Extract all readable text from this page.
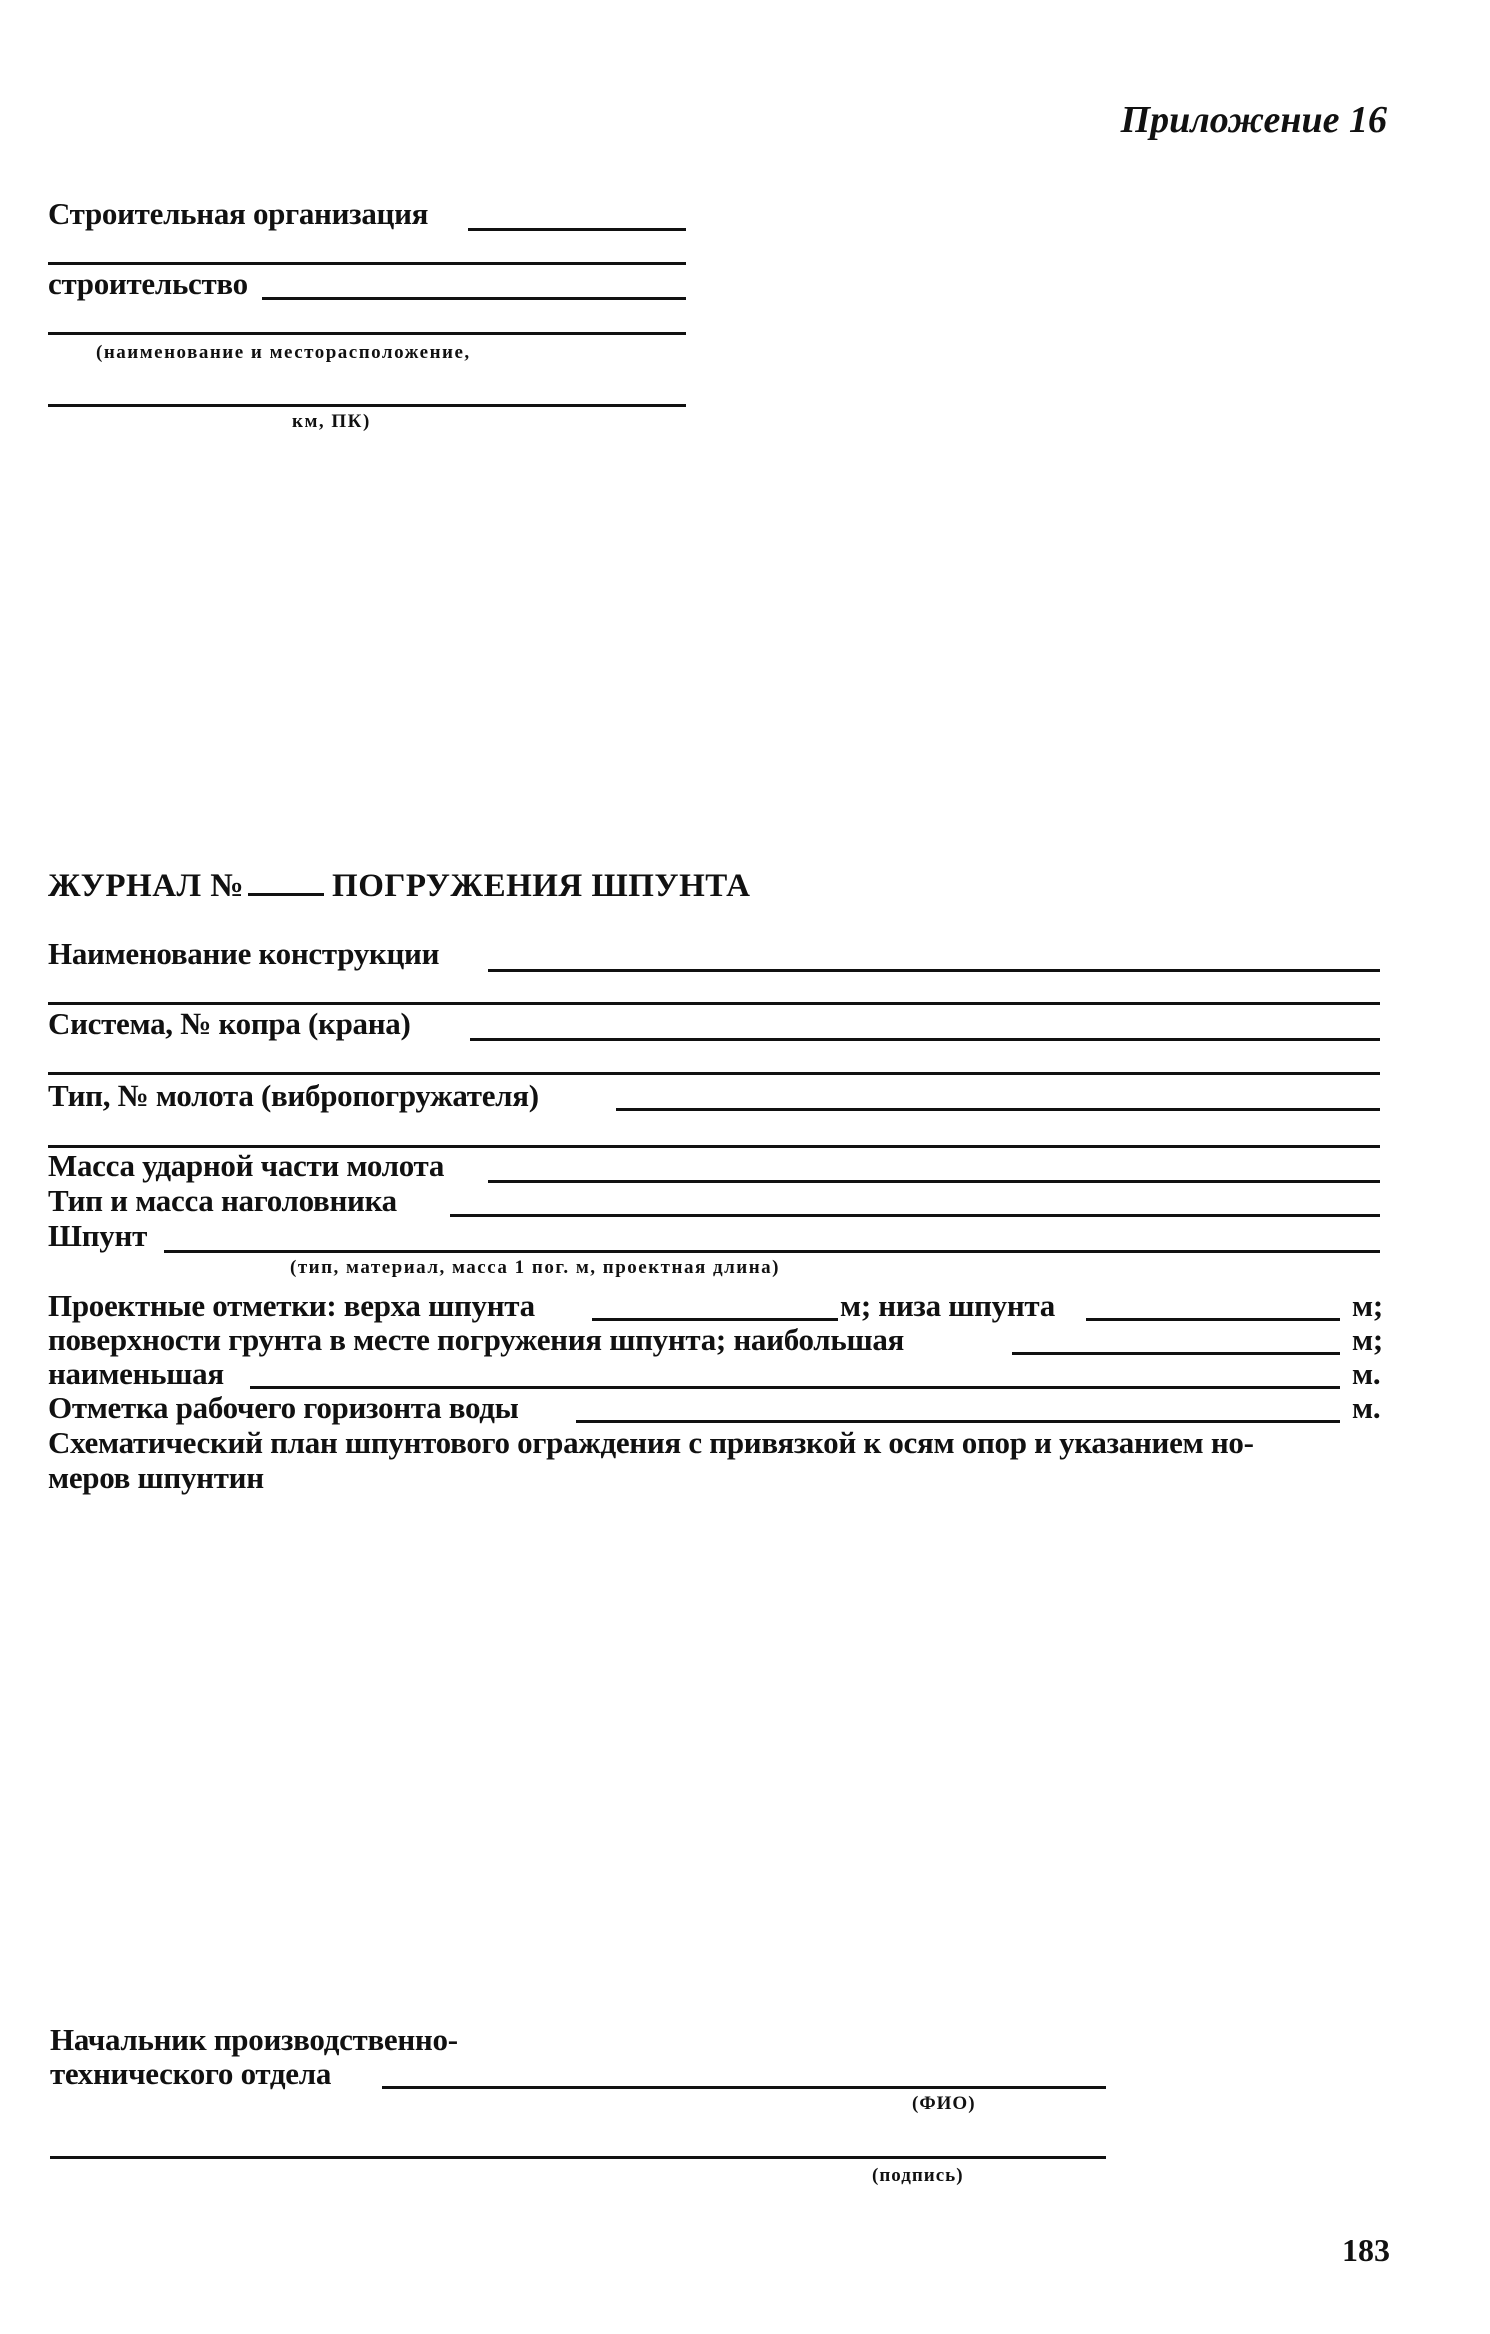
Приложение 16
Строительная организация
строительство
(наименование и месторасположение,
км, ПК)
ЖУРНАЛ №	ПОГРУЖЕНИЯ ШПУНТА
Наименование конструкции
Система, № копра (крана)
Тип, № молота (вибропогружателя)
Масса ударной части молота
Тип и масса наголовника
Шпунт
(тип, материал, масса 1 пог. м, проектная длина)
Проектные отметки: верха шпунта	м; низа шпунта	м;
поверхности грунта в месте погружения шпунта; наибольшая	м;
наименьшая	м.
Отметка рабочего горизонта воды	м.
Схематический план шпунтового ограждения с привязкой к осям опор и указанием но-
меров шпунтин
Начальник производственно-
технического отдела
(ФИО)
(подпись)
183
